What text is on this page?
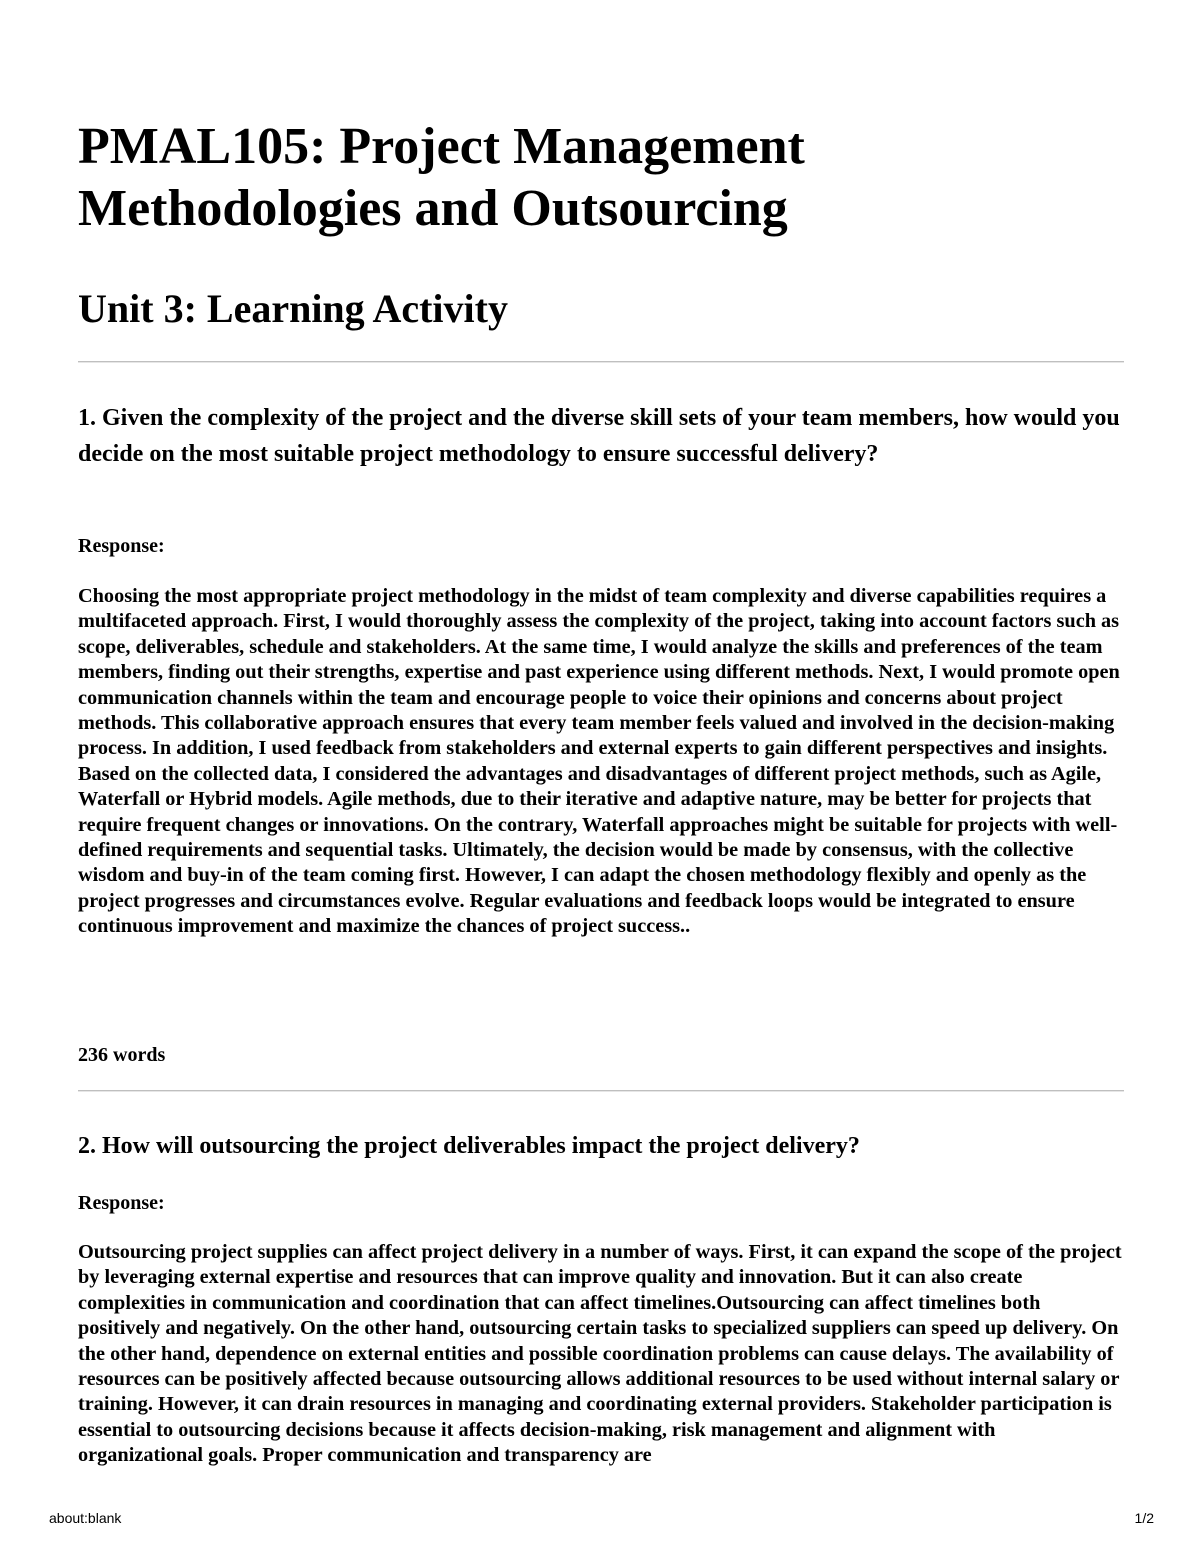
PMAL105: Project Management Methodologies and Outsourcing
Unit 3: Learning Activity
1. Given the complexity of the project and the diverse skill sets of your team members, how would you decide on the most suitable project methodology to ensure successful delivery?

Response:

Choosing the most appropriate project methodology in the midst of team complexity and diverse capabilities requires a multifaceted approach. First, I would thoroughly assess the complexity of the project, taking into account factors such as scope, deliverables, schedule and stakeholders. At the same time, I would analyze the skills and preferences of the team members, finding out their strengths, expertise and past experience using different methods. Next, I would promote open communication channels within the team and encourage people to voice their opinions and concerns about project methods. This collaborative approach ensures that every team member feels valued and involved in the decision-making process. In addition, I used feedback from stakeholders and external experts to gain different perspectives and insights. Based on the collected data, I considered the advantages and disadvantages of different project methods, such as Agile, Waterfall or Hybrid models. Agile methods, due to their iterative and adaptive nature, may be better for projects that require frequent changes or innovations. On the contrary, Waterfall approaches might be suitable for projects with well-defined requirements and sequential tasks. Ultimately, the decision would be made by consensus, with the collective wisdom and buy-in of the team coming first. However, I can adapt the chosen methodology flexibly and openly as the project progresses and circumstances evolve. Regular evaluations and feedback loops would be integrated to ensure continuous improvement and maximize the chances of project success..

236 words

2. How will outsourcing the project deliverables impact the project delivery?

Response:

Outsourcing project supplies can affect project delivery in a number of ways. First, it can expand the scope of the project by leveraging external expertise and resources that can improve quality and innovation. But it can also create complexities in communication and coordination that can affect timelines.Outsourcing can affect timelines both positively and negatively. On the other hand, outsourcing certain tasks to specialized suppliers can speed up delivery. On the other hand, dependence on external entities and possible coordination problems can cause delays. The availability of resources can be positively affected because outsourcing allows additional resources to be used without internal salary or training. However, it can drain resources in managing and coordinating external providers. Stakeholder participation is essential to outsourcing decisions because it affects decision-making, risk management and alignment with organizational goals. Proper communication and transparency are

about:blank	1/2
